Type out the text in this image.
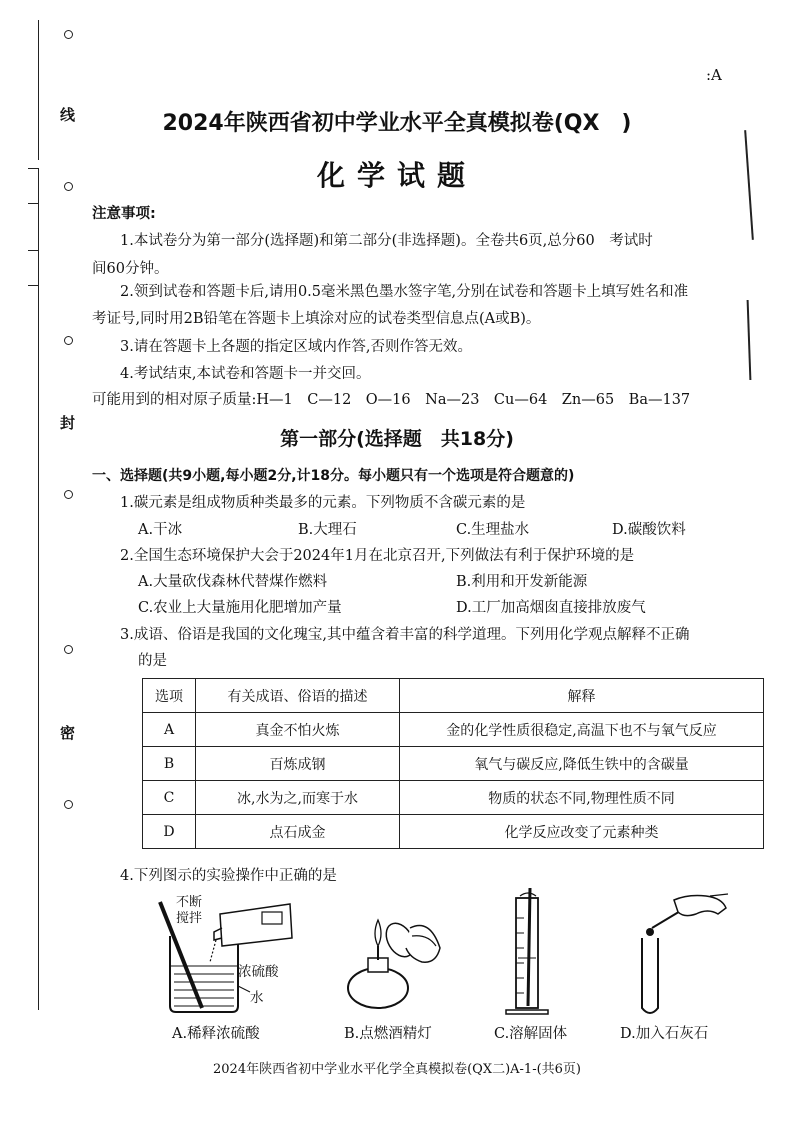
线
封
密
:A
2024年陕西省初中学业水平全真模拟卷(QX　)
化学试题
注意事项:
1.本试卷分为第一部分(选择题)和第二部分(非选择题)。全卷共6页,总分60　考试时
间60分钟。
2.领到试卷和答题卡后,请用0.5毫米黑色墨水签字笔,分别在试卷和答题卡上填写姓名和准
考证号,同时用2B铅笔在答题卡上填涂对应的试卷类型信息点(A或B)。
3.请在答题卡上各题的指定区域内作答,否则作答无效。
4.考试结束,本试卷和答题卡一并交回。
可能用到的相对原子质量:H—1　C—12　O—16　Na—23　Cu—64　Zn—65　Ba—137
第一部分(选择题　共18分)
一、选择题(共9小题,每小题2分,计18分。每小题只有一个选项是符合题意的)
1.碳元素是组成物质种类最多的元素。下列物质不含碳元素的是
A.干冰	B.大理石	C.生理盐水	D.碳酸饮料
2.全国生态环境保护大会于2024年1月在北京召开,下列做法有利于保护环境的是
A.大量砍伐森林代替煤作燃料	B.利用和开发新能源
C.农业上大量施用化肥增加产量	D.工厂加高烟囱直接排放废气
3.成语、俗语是我国的文化瑰宝,其中蕴含着丰富的科学道理。下列用化学观点解释不正确
的是
选项	有关成语、俗语的描述	解释
A	真金不怕火炼	金的化学性质很稳定,高温下也不与氧气反应
B	百炼成钢	氧气与碳反应,降低生铁中的含碳量
C	冰,水为之,而寒于水	物质的状态不同,物理性质不同
D	点石成金	化学反应改变了元素种类
4.下列图示的实验操作中正确的是
不断搅拌
浓硫酸
水
A.稀释浓硫酸	B.点燃酒精灯	C.溶解固体	D.加入石灰石
2024年陕西省初中学业水平化学全真模拟卷(QX二)A-1-(共6页)
